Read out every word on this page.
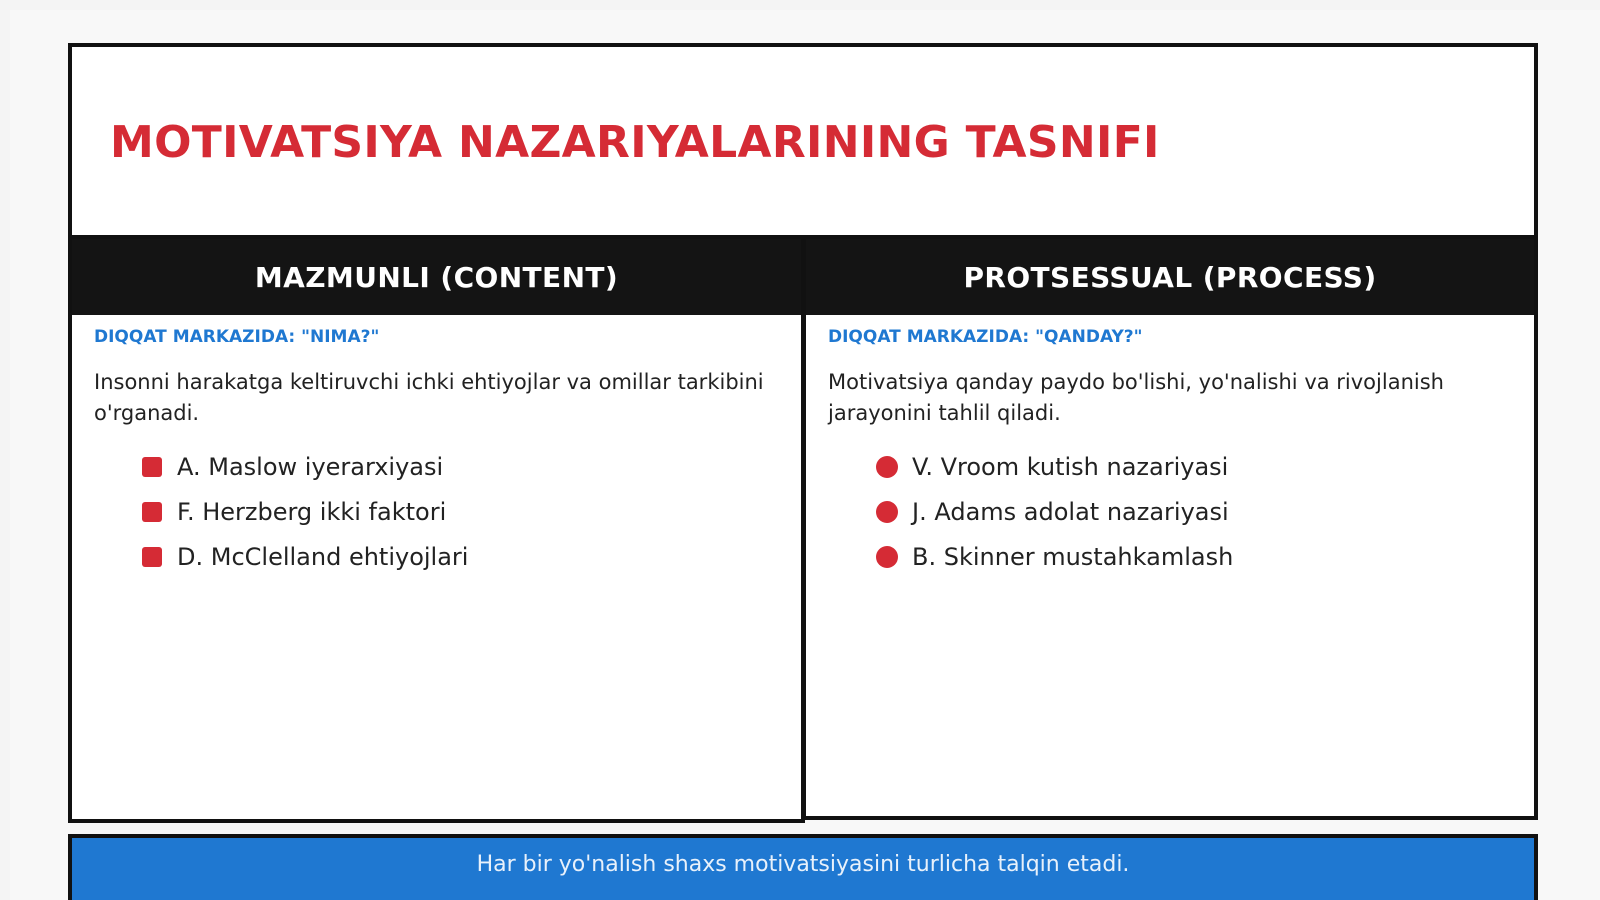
MOTIVATSIYA NAZARIYALARINING TASNIFI
MAZMUNLI (CONTENT)
DIQQAT MARKAZIDA: "NIMA?"
Insonni harakatga keltiruvchi ichki ehtiyojlar va omillar tarkibini o'rganadi.
A. Maslow iyerarxiyasi
F. Herzberg ikki faktori
D. McClelland ehtiyojlari
PROTSESSUAL (PROCESS)
DIQQAT MARKAZIDA: "QANDAY?"
Motivatsiya qanday paydo bo'lishi, yo'nalishi va rivojlanish jarayonini tahlil qiladi.
V. Vroom kutish nazariyasi
J. Adams adolat nazariyasi
B. Skinner mustahkamlash
Har bir yo'nalish shaxs motivatsiyasini turlicha talqin etadi.
